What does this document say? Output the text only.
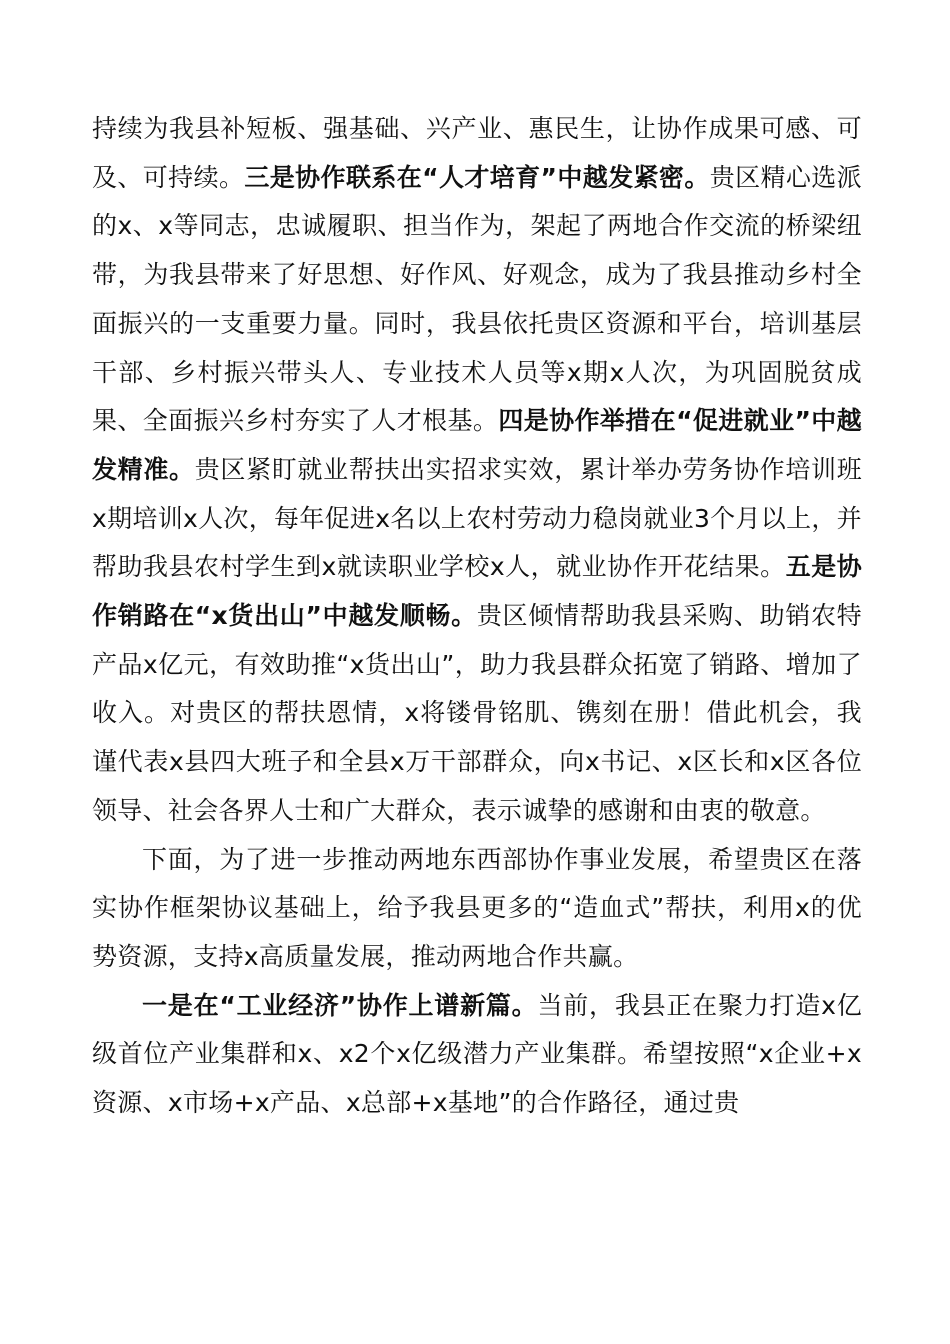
持续为我县补短板、强基础、兴产业、惠民生，让协作成果可感、可及、可持续。三是协作联系在“人才培育”中越发紧密。贵区精心选派的x、x等同志，忠诚履职、担当作为，架起了两地合作交流的桥梁纽带，为我县带来了好思想、好作风、好观念，成为了我县推动乡村全面振兴的一支重要力量。同时，我县依托贵区资源和平台，培训基层干部、乡村振兴带头人、专业技术人员等x期x人次，为巩固脱贫成果、全面振兴乡村夯实了人才根基。四是协作举措在“促进就业”中越发精准。贵区紧盯就业帮扶出实招求实效，累计举办劳务协作培训班x期培训x人次，每年促进x名以上农村劳动力稳岗就业3个月以上，并帮助我县农村学生到x就读职业学校x人，就业协作开花结果。五是协作销路在“x货出山”中越发顺畅。贵区倾情帮助我县采购、助销农特产品x亿元，有效助推“x货出山”，助力我县群众拓宽了销路、增加了收入。对贵区的帮扶恩情，x将镂骨铭肌、镌刻在册！借此机会，我谨代表x县四大班子和全县x万干部群众，向x书记、x区长和x区各位领导、社会各界人士和广大群众，表示诚挚的感谢和由衷的敬意。

下面，为了进一步推动两地东西部协作事业发展，希望贵区在落实协作框架协议基础上，给予我县更多的“造血式”帮扶，利用x的优势资源，支持x高质量发展，推动两地合作共赢。

一是在“工业经济”协作上谱新篇。当前，我县正在聚力打造x亿级首位产业集群和x、x2个x亿级潜力产业集群。希望按照“x企业+x资源、x市场+x产品、x总部+x基地”的合作路径，通过贵
